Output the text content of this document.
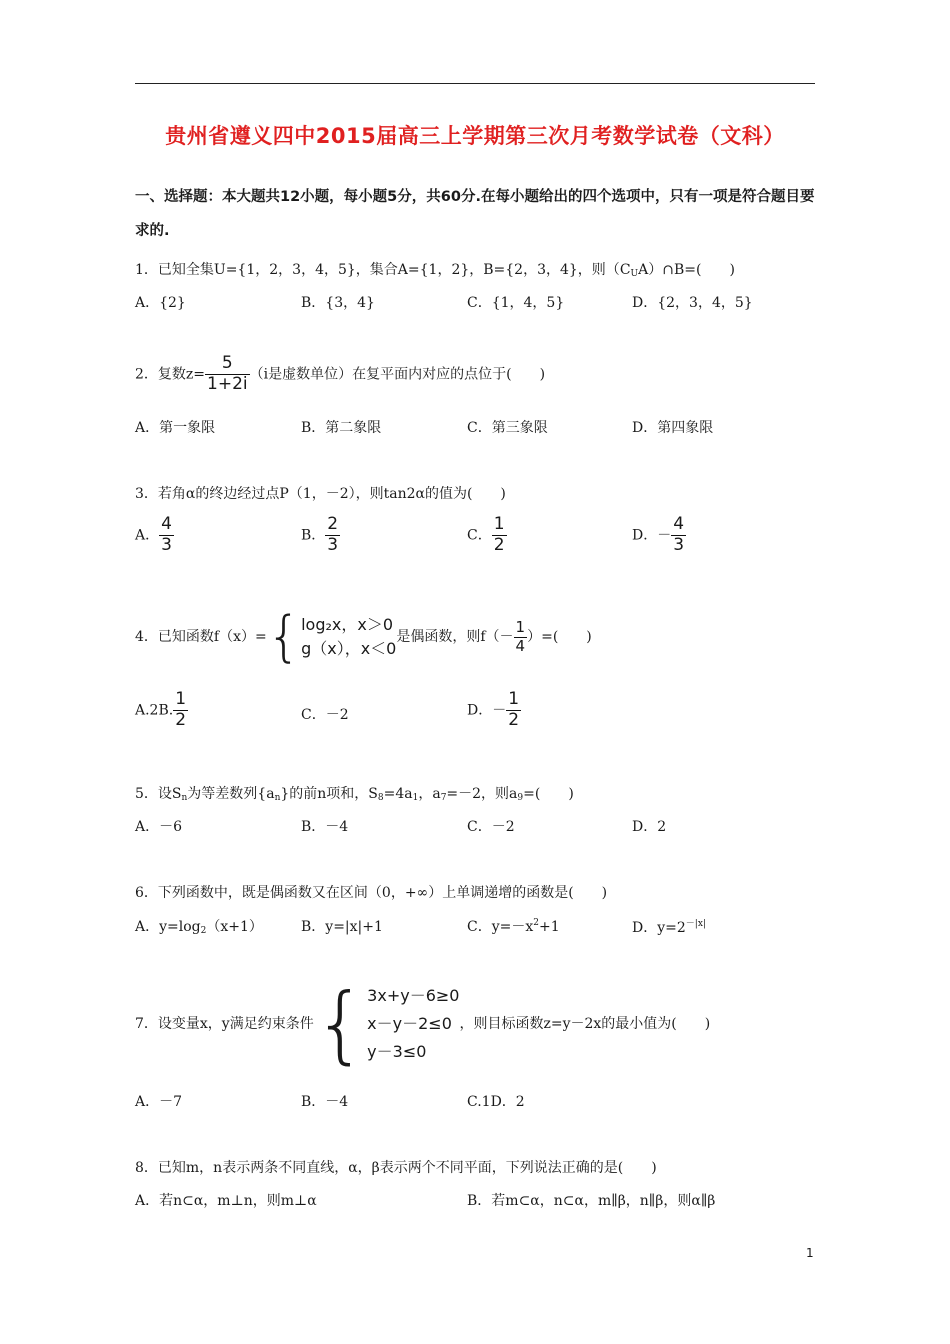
贵州省遵义四中2015届高三上学期第三次月考数学试卷（文科）
一、选择题：本大题共12小题，每小题5分，共60分.在每小题给出的四个选项中，只有一项是符合题目要求的.
1．已知全集U={1，2，3，4，5}，集合A={1，2}，B={2，3，4}，则$(C_UA)\cap B=$(　　)
A．{2}	B．{3，4}	C．{1，4，5}	D．{2，3，4，5}
2．复数$z= \frac{5}{1+2i} (i$是虚数单位）在复平面内对应的点位于(　　)
A．第一象限	B．第二象限	C．第三象限	D．第四象限
3．若角α的终边经过点P（1，－2），则tan2α的值为(　　)
A． $\frac{4}{3}$	B． $\frac{2}{3}$	C． $\frac{1}{2}$	D．－ $\frac{4}{3}$
4．已知函数f（x）={ log₂x，x＞0
g（x），x＜0
是偶函数，则$f(- \frac{1}{4}$ ）=(　　)
A.2B. $\frac{1}{2}$	C．－2	D．－ $\frac{1}{2}$
5．设$S_n$为等差数列$\{a_n\}$的前n项和，$S_8=4a_1$，$a_7=-2$，则$a_9=$(　　)
A．－6	B．－4	C．－2	D．2
6．下列函数中，既是偶函数又在区间（0，+∞）上单调递增的函数是(　　)
A．$y=\log_2(x+1)$	B．y=|x|+1	C．$y=-x^2+1$	D．$y=2^{-|x|}$
7．设变量x，y满足约束条件{ 3x+y－6≥0
x－y－2≤0
y－3≤0
，则目标函数z=y－2x的最小值为(　　)
A．－7	B．－4	C.1D．2
8．已知m，n表示两条不同直线，α，β表示两个不同平面，下列说法正确的是(　　)
A．若n⊂α，m⊥n，则m⊥α	B．若m⊂α，n⊂α，m∥β，n∥β，则α∥β
1
